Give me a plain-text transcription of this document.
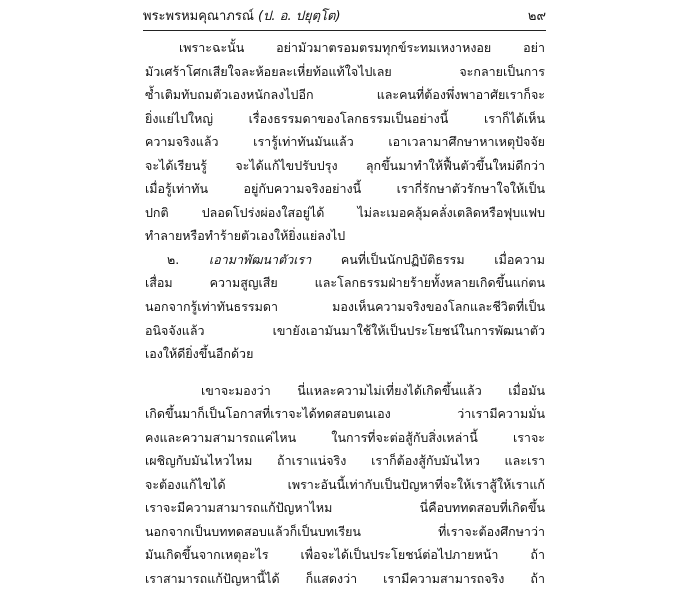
พระพรหมคุณาภรณ์ (ป. อ. ปยุตฺโต)	๒๙
เพราะฉะนั้น อย่ามัวมาตรอมตรมทุกข์ระทมเหงาหงอย อย่า
มัวเศร้าโศกเสียใจละห้อยละเหี่ยท้อแท้ใจไปเลย จะกลายเป็นการ
ซ้ำเติมทับถมตัวเองหนักลงไปอีก และคนที่ต้องพึ่งพาอาศัยเราก็จะ
ยิ่งแย่ไปใหญ่ เรื่องธรรมดาของโลกธรรมเป็นอย่างนี้ เราก็ได้เห็น
ความจริงแล้ว เรารู้เท่าทันมันแล้ว เอาเวลามาศึกษาหาเหตุปัจจัย
จะได้เรียนรู้ จะได้แก้ไขปรับปรุง ลุกขึ้นมาทำให้ฟื้นตัวขึ้นใหม่ดีกว่า
เมื่อรู้เท่าทัน อยู่กับความจริงอย่างนี้ เรากี่รักษาตัวรักษาใจให้เป็น
ปกติ ปลอดโปร่งผ่องใสอยู่ได้ ไม่ละเมอคลุ้มคลั่งเตลิดหรือฟุบแฟบ
ทำลายหรือทำร้ายตัวเองให้ยิ่งแย่ลงไป
๒. เอามาพัฒนาตัวเรา คนที่เป็นนักปฏิบัติธรรม เมื่อความ
เสื่อม ความสูญเสีย และโลกธรรมฝ่ายร้ายทั้งหลายเกิดขึ้นแก่ตน
นอกจากรู้เท่าทันธรรมดา มองเห็นความจริงของโลกและชีวิตที่เป็น
อนิจจังแล้ว เขายังเอามันมาใช้ให้เป็นประโยชน์ในการพัฒนาตัว
เองให้ดียิ่งขึ้นอีกด้วย
เขาจะมองว่า นี่แหละความไม่เที่ยงได้เกิดขึ้นแล้ว เมื่อมัน
เกิดขึ้นมาก็เป็นโอกาสที่เราจะได้ทดสอบตนเอง ว่าเรามีความมั่น
คงและความสามารถแค่ไหน ในการที่จะต่อสู้กับสิ่งเหล่านี้ เราจะ
เผชิญกับมันไหวไหม ถ้าเราแน่จริง เราก็ต้องสู้กับมันไหว และเรา
จะต้องแก้ไขได้ เพราะอันนี้เท่ากับเป็นปัญหาที่จะให้เราสู้ให้เราแก้
เราจะมีความสามารถแก้ปัญหาไหม นี่คือบททดสอบที่เกิดขึ้น
นอกจากเป็นบททดสอบแล้วก็เป็นบทเรียน ที่เราจะต้องศึกษาว่า
มันเกิดขึ้นจากเหตุอะไร เพื่อจะได้เป็นประโยชน์ต่อไปภายหน้า ถ้า
เราสามารถแก้ปัญหานี้ได้ ก็แสดงว่า เรามีความสามารถจริง ถ้า
